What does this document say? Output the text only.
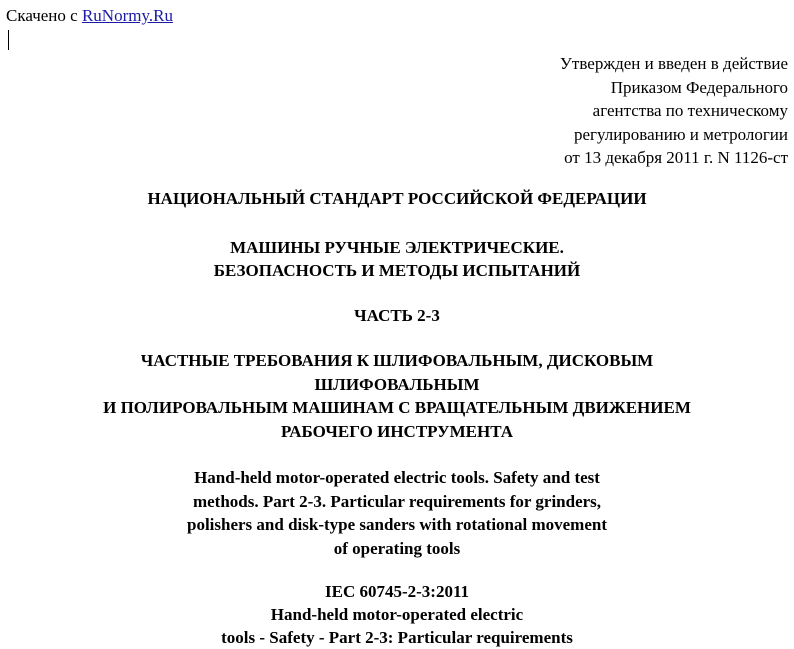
Скачено с RuNormy.Ru
Утвержден и введен в действие
Приказом Федерального
агентства по техническому
регулированию и метрологии
от 13 декабря 2011 г. N 1126-ст
НАЦИОНАЛЬНЫЙ СТАНДАРТ РОССИЙСКОЙ ФЕДЕРАЦИИ
МАШИНЫ РУЧНЫЕ ЭЛЕКТРИЧЕСКИЕ.
БЕЗОПАСНОСТЬ И МЕТОДЫ ИСПЫТАНИЙ
ЧАСТЬ 2-3
ЧАСТНЫЕ ТРЕБОВАНИЯ К ШЛИФОВАЛЬНЫМ, ДИСКОВЫМ
ШЛИФОВАЛЬНЫМ
И ПОЛИРОВАЛЬНЫМ МАШИНАМ С ВРАЩАТЕЛЬНЫМ ДВИЖЕНИЕМ
РАБОЧЕГО ИНСТРУМЕНТА
Hand-held motor-operated electric tools. Safety and test
methods. Part 2-3. Particular requirements for grinders,
polishers and disk-type sanders with rotational movement
of operating tools
IEC 60745-2-3:2011
Hand-held motor-operated electric
tools - Safety - Part 2-3: Particular requirements
